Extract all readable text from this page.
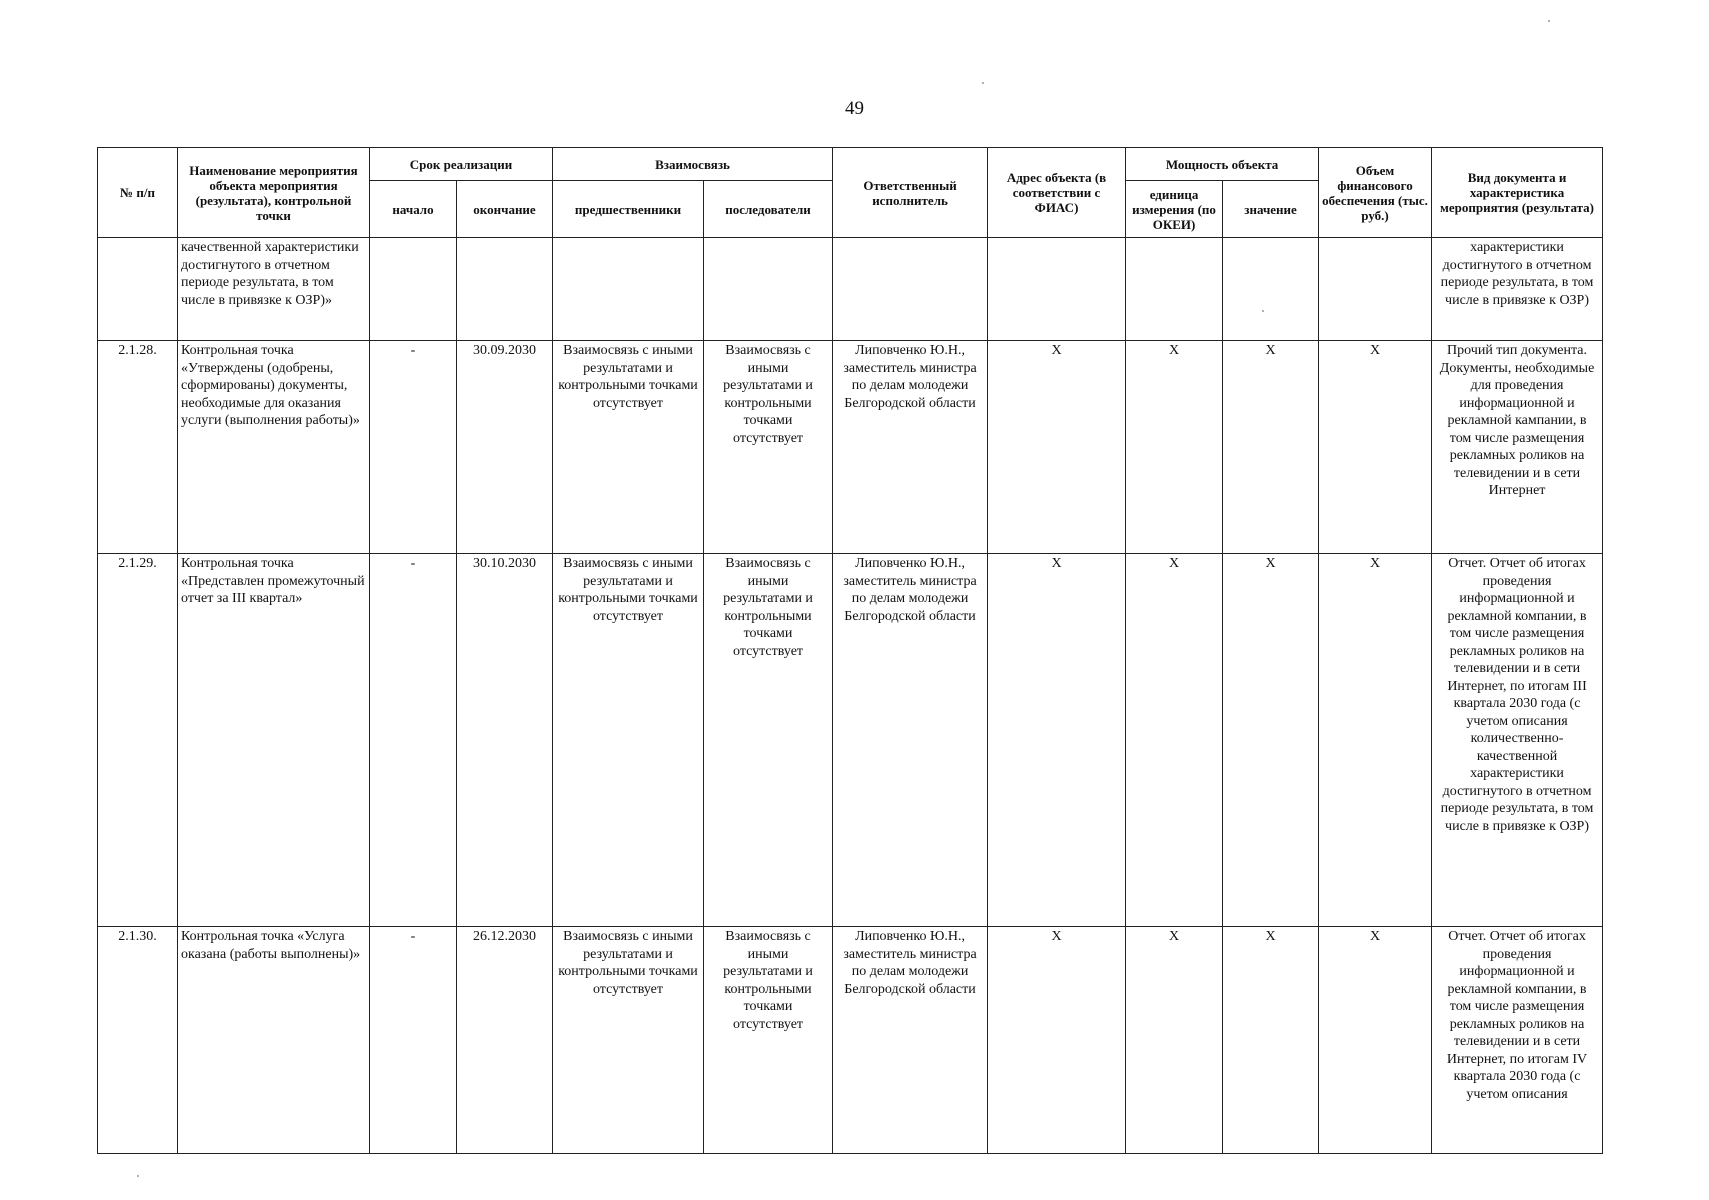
49
№ п/п	Наименование мероприятия объекта мероприятия (результата), контрольной точки	Срок реализации		Взаимосвязь		Ответственный исполнитель	Адрес объекта (в соответствии с ФИАС)	Мощность объекта		Объем финансового обеспечения (тыс. руб.)	Вид документа и характеристика мероприятия (результата)
		начало	окончание	предшественники	последователи			единица измерения (по ОКЕИ)	значение		
	качественной характеристики достигнутого в отчетном периоде результата, в том числе в привязке к ОЗР)»										характеристики достигнутого в отчетном периоде результата, в том числе в привязке к ОЗР)
2.1.28.	Контрольная точка «Утверждены (одобрены, сформированы) документы, необходимые для оказания услуги (выполнения работы)»	-	30.09.2030	Взаимосвязь с иными результатами и контрольными точками отсутствует	Взаимосвязь с иными результатами и контрольными точками отсутствует	Липовченко Ю.Н., заместитель министра по делам молодежи Белгородской области	X	X	X	X	Прочий тип документа. Документы, необходимые для проведения информационной и рекламной кампании, в том числе размещения рекламных роликов на телевидении и в сети Интернет
2.1.29.	Контрольная точка «Представлен промежуточный отчет за III квартал»	-	30.10.2030	Взаимосвязь с иными результатами и контрольными точками отсутствует	Взаимосвязь с иными результатами и контрольными точками отсутствует	Липовченко Ю.Н., заместитель министра по делам молодежи Белгородской области	X	X	X	X	Отчет. Отчет об итогах проведения информационной и рекламной компании, в том числе размещения рекламных роликов на телевидении и в сети Интернет, по итогам III квартала 2030 года (с учетом описания количественно-качественной характеристики достигнутого в отчетном периоде результата, в том числе в привязке к ОЗР)
2.1.30.	Контрольная точка «Услуга оказана (работы выполнены)»	-	26.12.2030	Взаимосвязь с иными результатами и контрольными точками отсутствует	Взаимосвязь с иными результатами и контрольными точками отсутствует	Липовченко Ю.Н., заместитель министра по делам молодежи Белгородской области	X	X	X	X	Отчет. Отчет об итогах проведения информационной и рекламной компании, в том числе размещения рекламных роликов на телевидении и в сети Интернет, по итогам IV квартала 2030 года (с учетом описания
